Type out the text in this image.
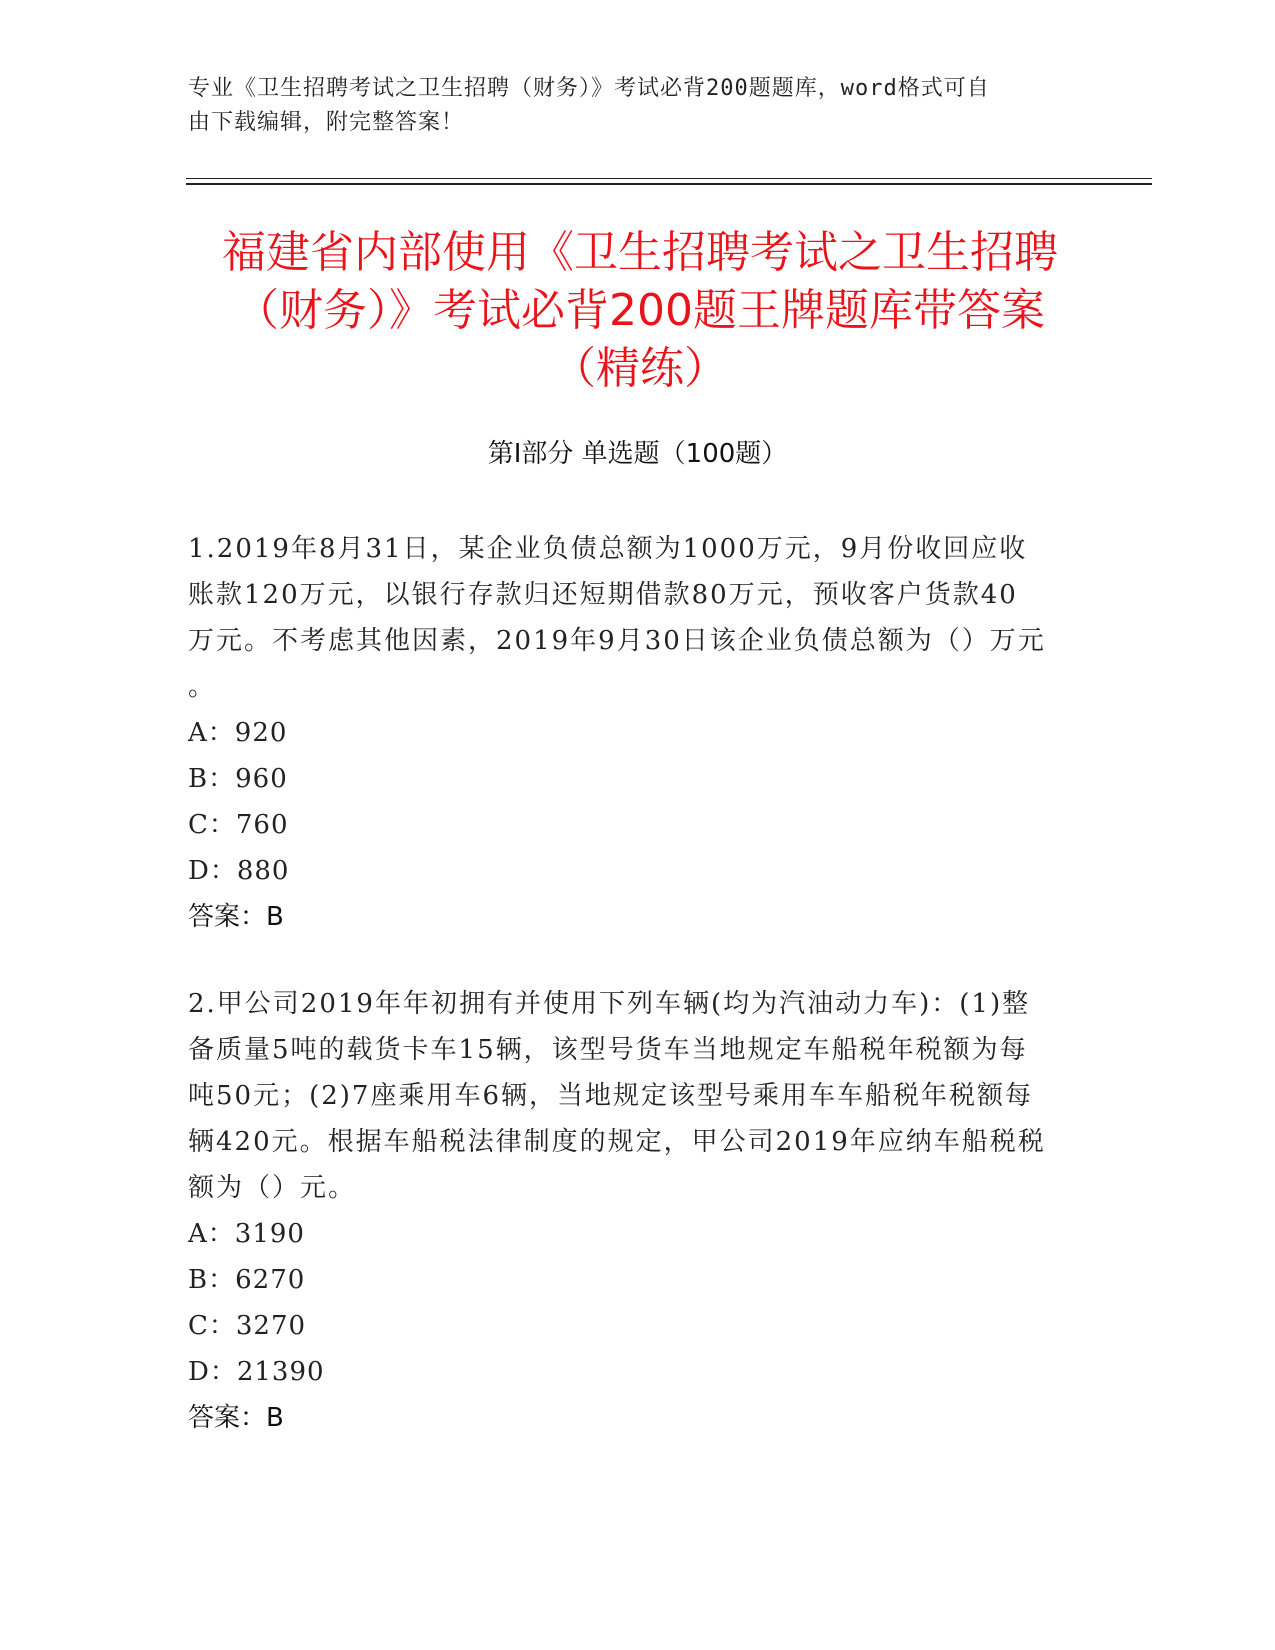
专业《卫生招聘考试之卫生招聘（财务）》考试必背200题题库，word格式可自
由下载编辑，附完整答案！
福建省内部使用《卫生招聘考试之卫生招聘
（财务）》考试必背200题王牌题库带答案
（精练）
第Ⅰ部分 单选题（100题）

1.2019年8月31日，某企业负债总额为1000万元，9月份收回应收
账款120万元，以银行存款归还短期借款80万元，预收客户货款40
万元。不考虑其他因素，2019年9月30日该企业负债总额为（）万元
。

A：920

B：960

C：760

D：880

答案：B

2.甲公司2019年年初拥有并使用下列车辆(均为汽油动力车)：(1)整
备质量5吨的载货卡车15辆，该型号货车当地规定车船税年税额为每
吨50元；(2)7座乘用车6辆，当地规定该型号乘用车车船税年税额每
辆420元。根据车船税法律制度的规定，甲公司2019年应纳车船税税
额为（）元。

A：3190

B：6270

C：3270

D：21390

答案：B
